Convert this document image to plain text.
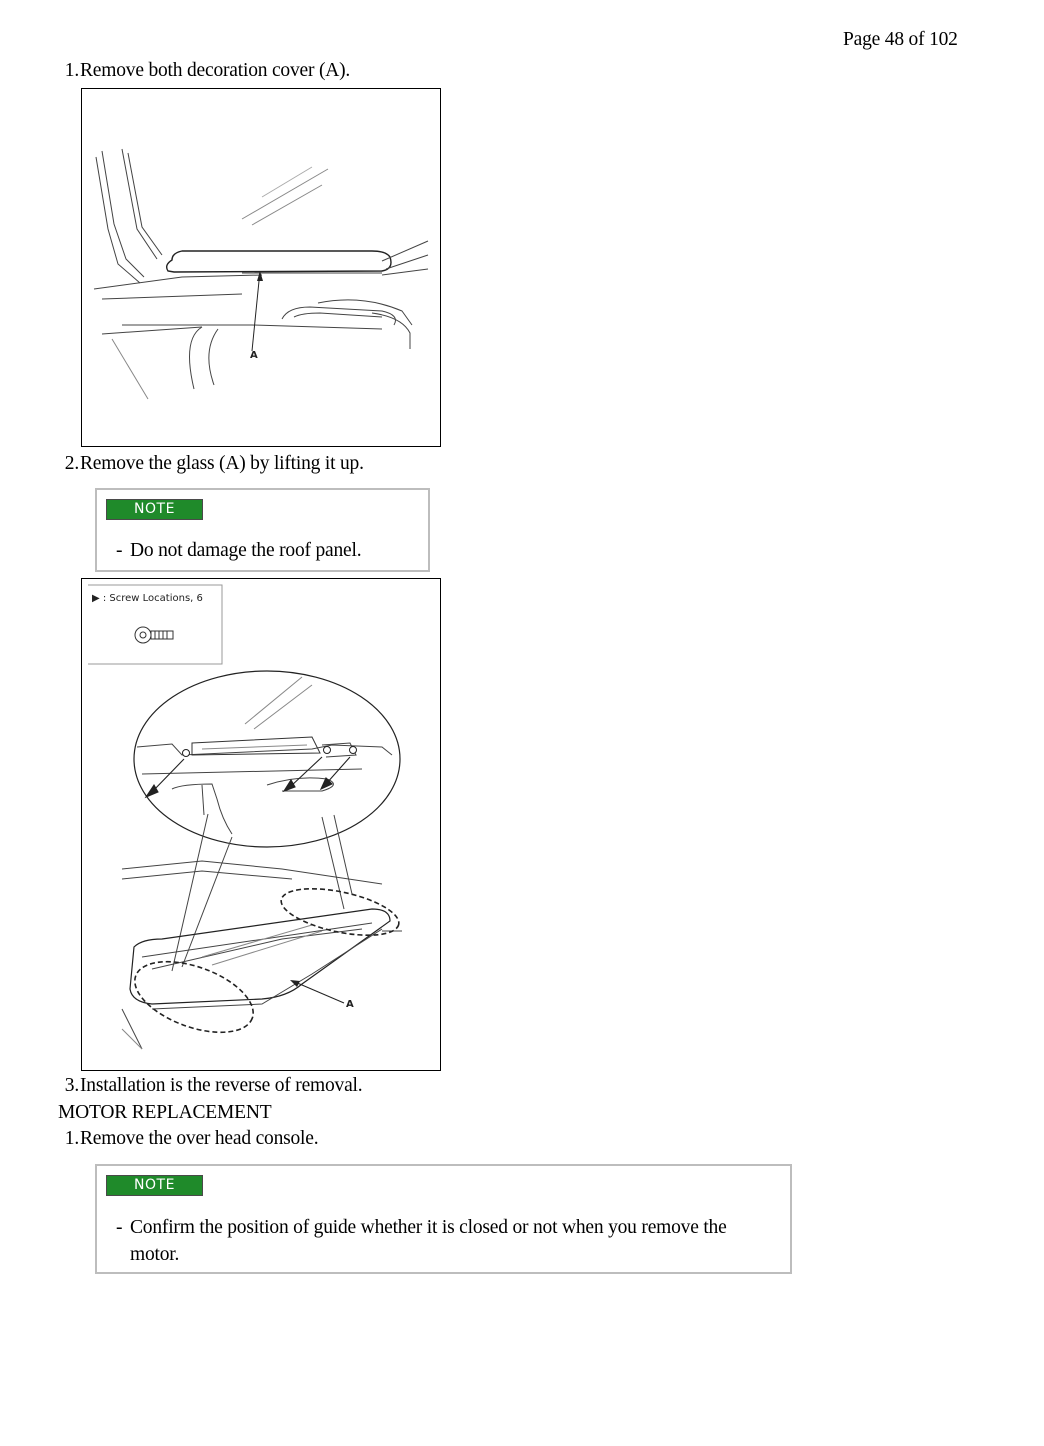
Page 48 of 102
1.Remove both decoration cover (A).
A
2.Remove the glass (A) by lifting it up.
NOTE
- Do not damage the roof panel.
▶ : Screw Locations, 6
A
3.Installation is the reverse of removal.
MOTOR REPLACEMENT
1.Remove the over head console.
NOTE
- Confirm the position of guide whether it is closed or not when you remove the motor.
